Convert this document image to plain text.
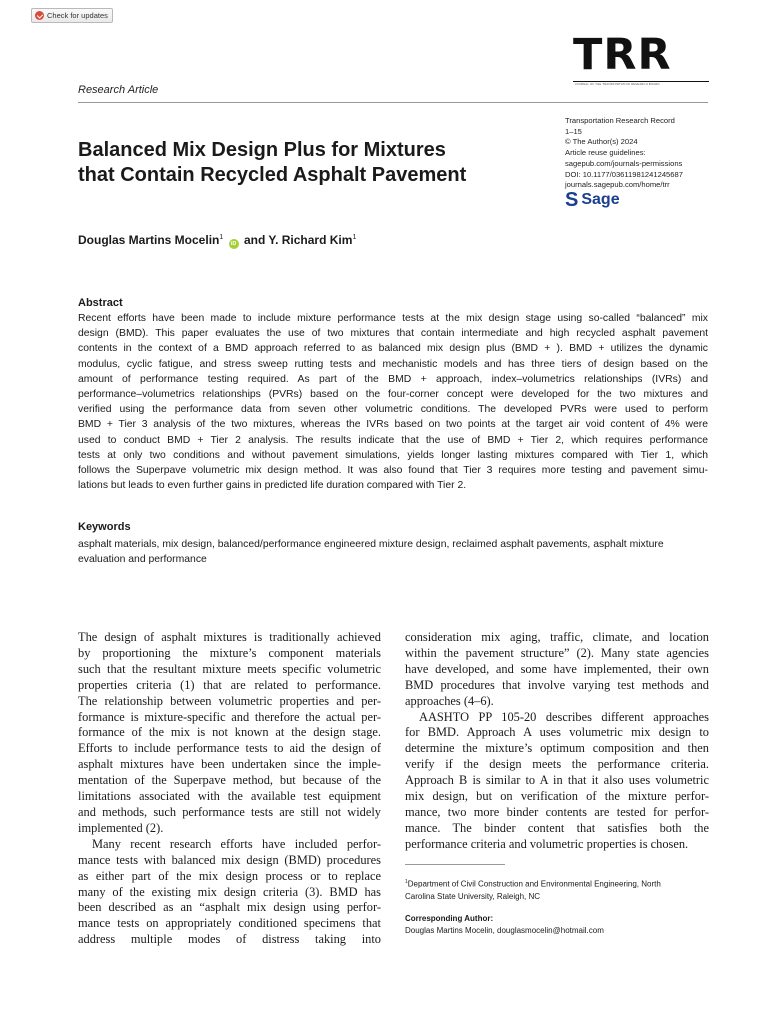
Check for updates
TRR
JOURNAL OF THE TRANSPORTATION RESEARCH BOARD
Research Article
Transportation Research Record
1–15
© The Author(s) 2024
Article reuse guidelines:
sagepub.com/journals-permissions
DOI: 10.1177/03611981241245687
journals.sagepub.com/home/trr
S Sage
Balanced Mix Design Plus for Mixtures
that Contain Recycled Asphalt Pavement
Douglas Martins Mocelin$^1$ iD and Y. Richard Kim$^1$
Abstract
Recent efforts have been made to include mixture performance tests at the mix design stage using so-called “balanced” mix
design (BMD). This paper evaluates the use of two mixtures that contain intermediate and high recycled asphalt pavement
contents in the context of a BMD approach referred to as balanced mix design plus (BMD + ). BMD + utilizes the dynamic
modulus, cyclic fatigue, and stress sweep rutting tests and mechanistic models and has three tiers of design based on the
amount of performance testing required. As part of the BMD + approach, index–volumetrics relationships (IVRs) and
performance–volumetrics relationships (PVRs) based on the four-corner concept were developed for the two mixtures and
verified using the performance data from seven other volumetric conditions. The developed PVRs were used to perform
BMD + Tier 3 analysis of the two mixtures, whereas the IVRs based on two points at the target air void content of 4% were
used to conduct BMD + Tier 2 analysis. The results indicate that the use of BMD + Tier 2, which requires performance
tests at only two conditions and without pavement simulations, yields longer lasting mixtures compared with Tier 1, which
follows the Superpave volumetric mix design method. It was also found that Tier 3 requires more testing and pavement simu-
lations but leads to even further gains in predicted life duration compared with Tier 2.
Keywords
asphalt materials, mix design, balanced/performance engineered mixture design, reclaimed asphalt pavements, asphalt mixture
evaluation and performance
The design of asphalt mixtures is traditionally achieved
by proportioning the mixture’s component materials
such that the resultant mixture meets specific volumetric
properties criteria (1) that are related to performance.
The relationship between volumetric properties and per-
formance is mixture-specific and therefore the actual per-
formance of the mix is not known at the design stage.
Efforts to include performance tests to aid the design of
asphalt mixtures have been undertaken since the imple-
mentation of the Superpave method, but because of the
limitations associated with the available test equipment
and methods, such performance tests are still not widely
implemented (2).
Many recent research efforts have included perfor-
mance tests with balanced mix design (BMD) procedures
as either part of the mix design process or to replace
many of the existing mix design criteria (3). BMD has
been described as an “asphalt mix design using perfor-
mance tests on appropriately conditioned specimens that
address multiple modes of distress taking into
consideration mix aging, traffic, climate, and location
within the pavement structure” (2). Many state agencies
have developed, and some have implemented, their own
BMD procedures that involve varying test methods and
approaches (4–6).
AASHTO PP 105-20 describes different approaches
for BMD. Approach A uses volumetric mix design to
determine the mixture’s optimum composition and then
verify if the design meets the performance criteria.
Approach B is similar to A in that it also uses volumetric
mix design, but on verification of the mixture perfor-
mance, two more binder contents are tested for perfor-
mance. The binder content that satisfies both the
performance criteria and volumetric properties is chosen.
$^1$Department of Civil Construction and Environmental Engineering, North
Carolina State University, Raleigh, NC
Corresponding Author:
Douglas Martins Mocelin, douglasmocelin@hotmail.com
